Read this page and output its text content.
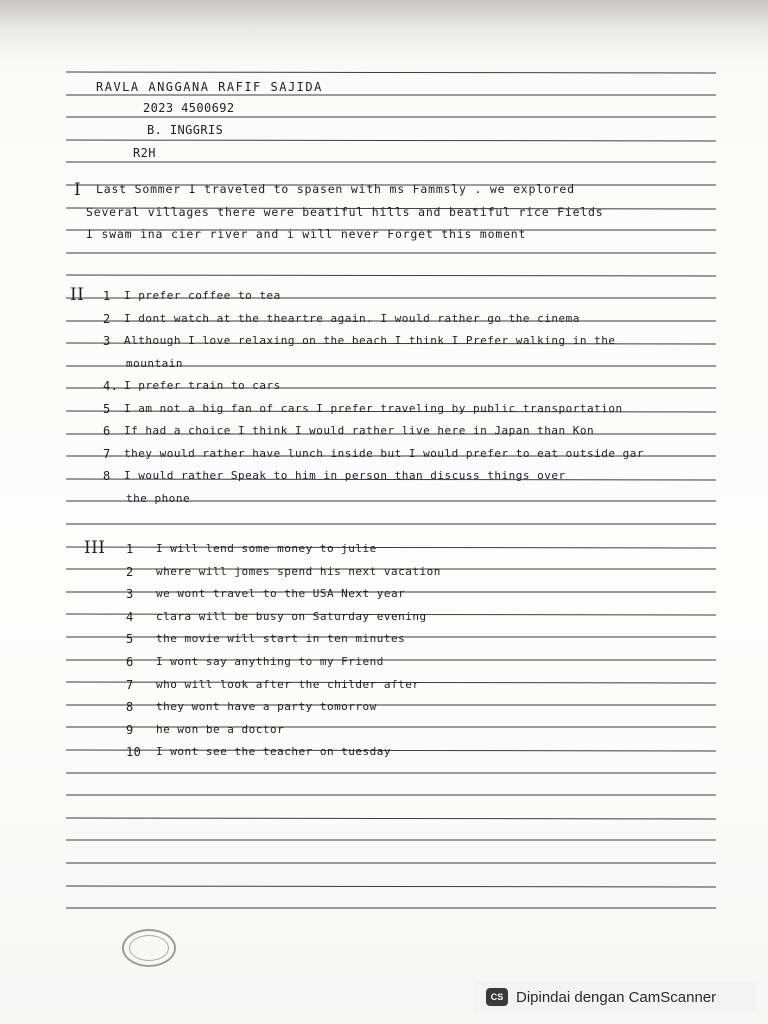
RAVLA ANGGANA RAFIF SAJIDA

2023 4500692

B. INGGRIS

R2H

I Last Sommer I traveled to spasen with ms Fammsly . we explored

Several villages there were beatiful hills and beatiful rice Fields

I swam ina cier river and i will never Forget this moment

II 1 I prefer coffee to tea

2 I dont watch at the theartre again. I would rather go the cinema

3 Although I love relaxing on the beach I think I Prefer walking in the

mountain

4. I prefer train to cars

5 I am not a big fan of cars I prefer traveling by public transportation

6 If had a choice I think I would rather live here in Japan than Kon

7 they would rather have lunch inside but I would prefer to eat outside gar

8 I would rather Speak to him in person than discuss things over

the phone

III 1 I will lend some money to julie

2 where will jomes spend his next vacation

3 we wont travel to the USA Next year

4 clara will be busy on Saturday evening

5 the movie will start in ten minutes

6 I wont say anything to my Friend

7 who will look after the childer after

8 they wont have a party tomorrow

9 he won be a doctor

10 I wont see the teacher on tuesday

CS Dipindai dengan CamScanner
